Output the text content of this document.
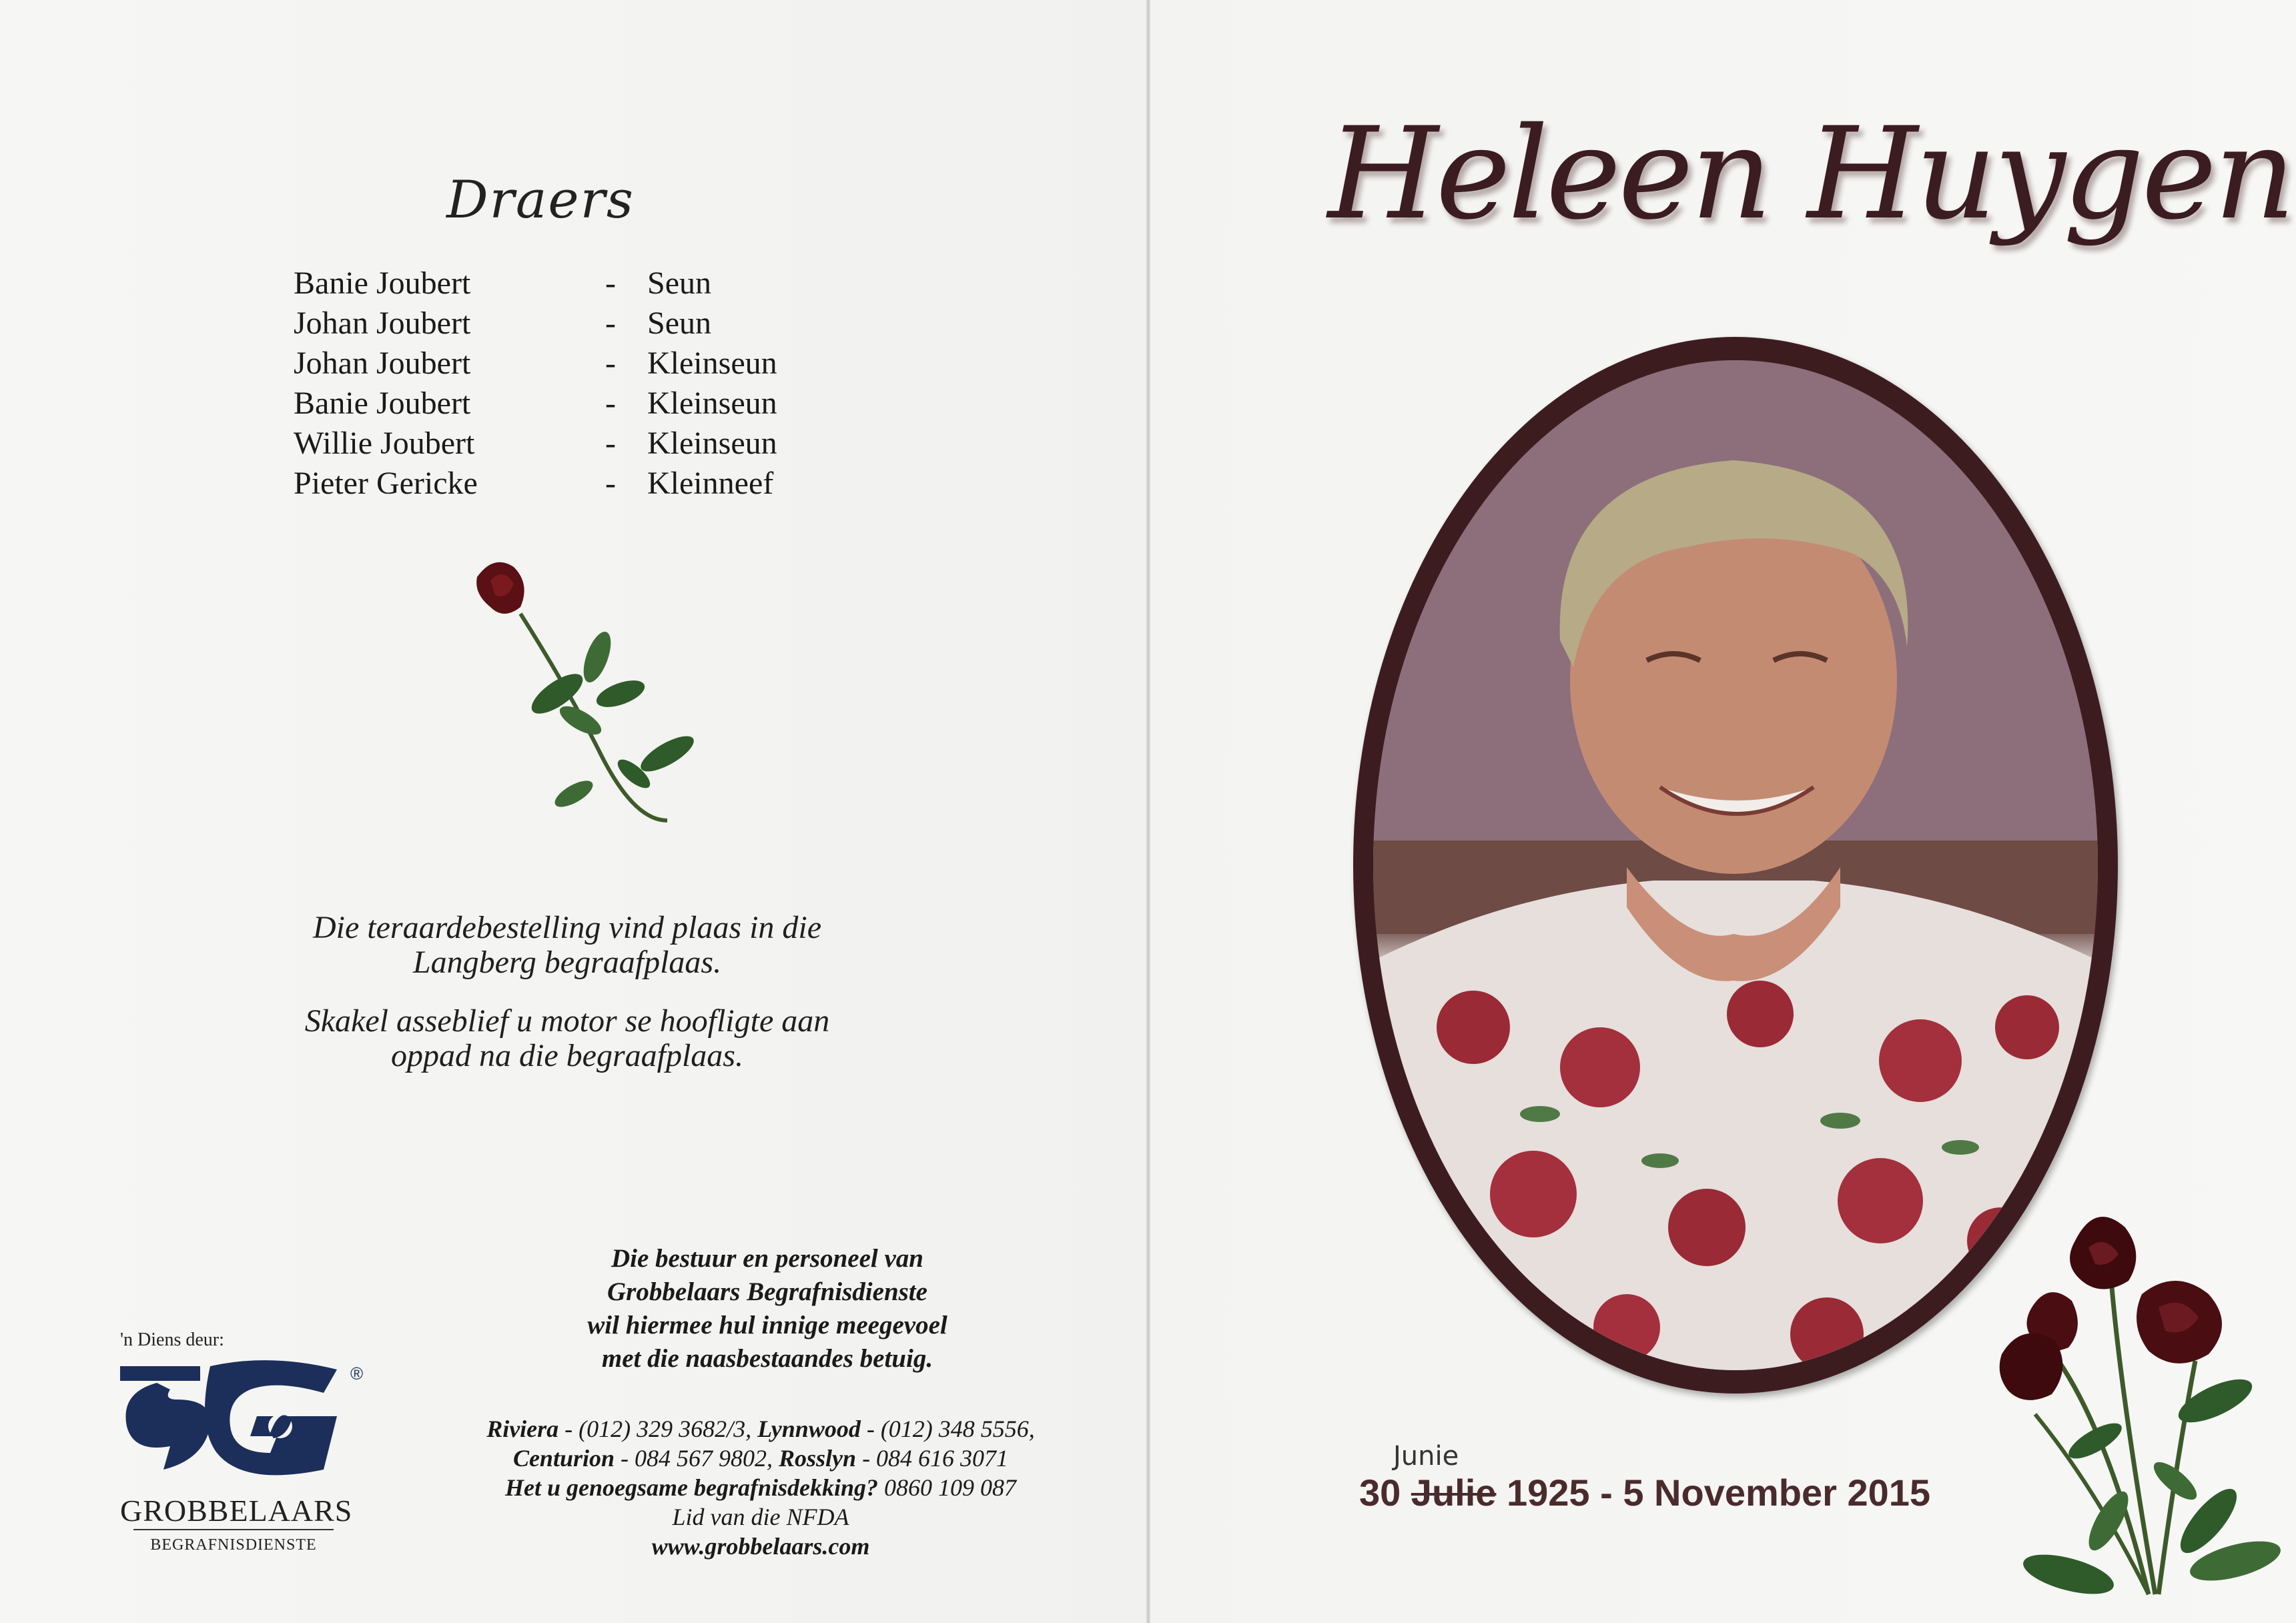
Draers
Banie Joubert	- Seun
Johan Joubert	- Seun
Johan Joubert	- Kleinseun
Banie Joubert	- Kleinseun
Willie Joubert	- Kleinseun
Pieter Gericke	- Kleinneef
Die teraardebestelling vind plaas in die
Langberg begraafplaas.
Skakel asseblief u motor se hoofligte aan
oppad na die begraafplaas.
Die bestuur en personeel van
Grobbelaars Begrafnisdienste
wil hiermee hul innige meegevoel
met die naasbestaandes betuig.
Riviera - (012) 329 3682/3, Lynnwood - (012) 348 5556,
Centurion - 084 567 9802, Rosslyn - 084 616 3071
Het u genoegsame begrafnisdekking? 0860 109 087
Lid van die NFDA
www.grobbelaars.com
'n Diens deur:
®
GROBBELAARS
BEGRAFNISDIENSTE
Heleen Huygen
Junie
30 Julie 1925 - 5 November 2015
